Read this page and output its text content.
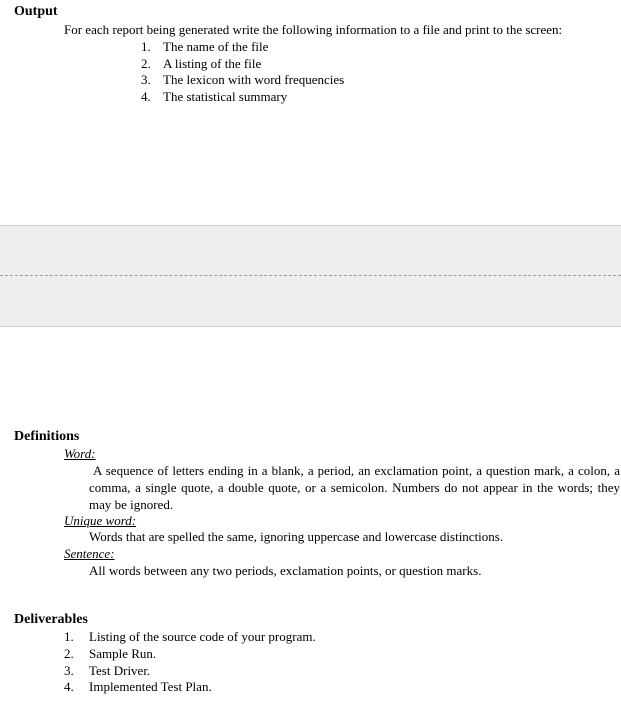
Output
For each report being generated write the following information to a file and print to the screen:
1. The name of the file
2. A listing of the file
3. The lexicon with word frequencies
4. The statistical summary
Definitions
Word:
A sequence of letters ending in a blank, a period, an exclamation point, a question mark, a colon, a comma, a single quote, a double quote, or a semicolon. Numbers do not appear in the words; they may be ignored.
Unique word:
Words that are spelled the same, ignoring uppercase and lowercase distinctions.
Sentence:
All words between any two periods, exclamation points, or question marks.
Deliverables
1. Listing of the source code of your program.
2. Sample Run.
3. Test Driver.
4. Implemented Test Plan.
